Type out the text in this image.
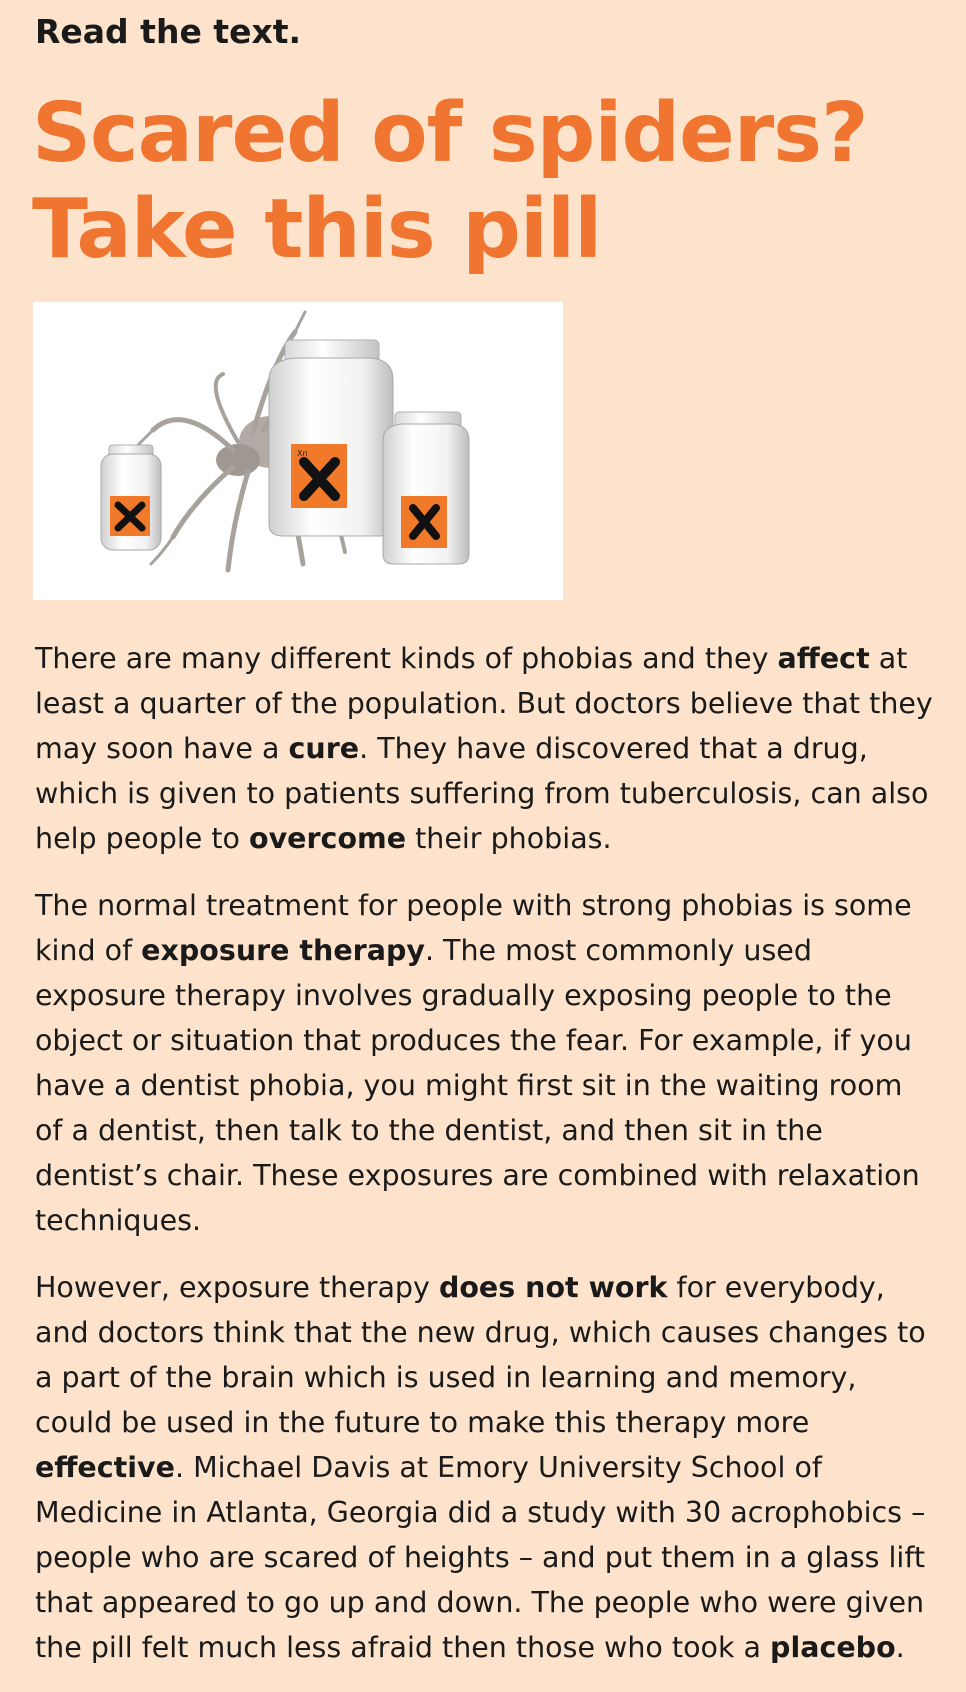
Read the text.
Scared of spiders?
Take this pill
Xn

There are many different kinds of phobias and they affect at least a quarter of the population. But doctors believe that they may soon have a cure. They have discovered that a drug, which is given to patients suffering from tuberculosis, can also help people to overcome their phobias.

The normal treatment for people with strong phobias is some kind of exposure therapy. The most commonly used exposure therapy involves gradually exposing people to the object or situation that produces the fear. For example, if you have a dentist phobia, you might first sit in the waiting room of a dentist, then talk to the dentist, and then sit in the dentist’s chair. These exposures are combined with relaxation techniques.

However, exposure therapy does not work for everybody, and doctors think that the new drug, which causes changes to a part of the brain which is used in learning and memory, could be used in the future to make this therapy more effective. Michael Davis at Emory University School of Medicine in Atlanta, Georgia did a study with 30 acrophobics – people who are scared of heights – and put them in a glass lift that appeared to go up and down. The people who were given the pill felt much less afraid then those who took a placebo.
